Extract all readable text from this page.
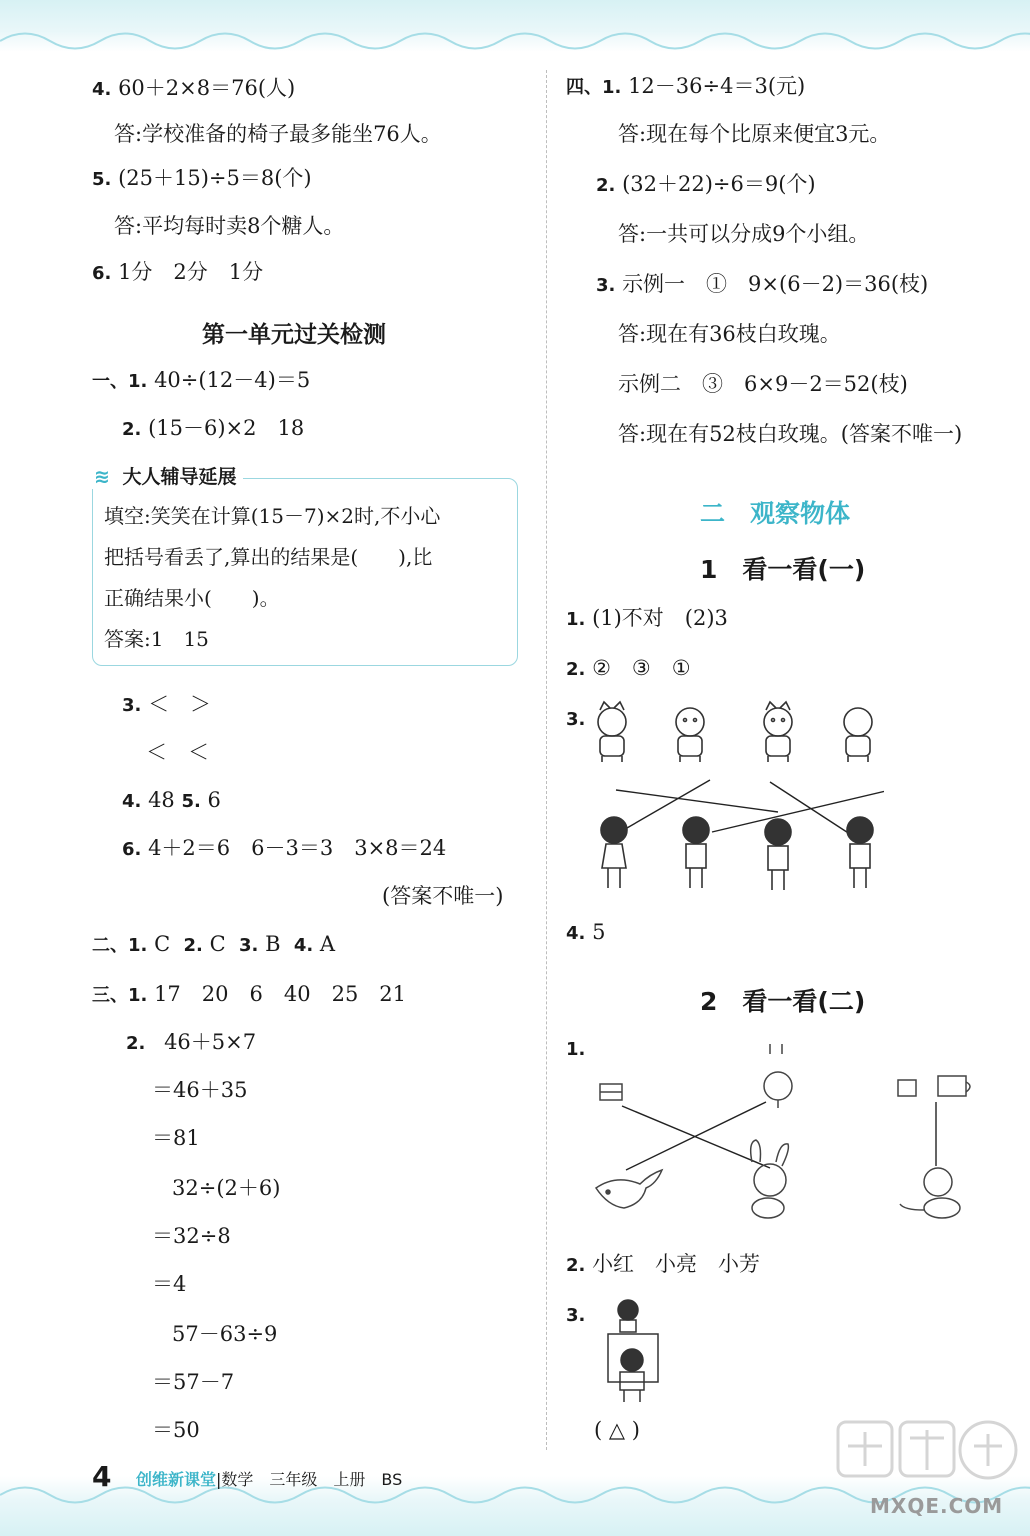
4. 60＋2×8＝76(人)
答:学校准备的椅子最多能坐76人。
5. (25＋15)÷5＝8(个)
答:平均每时卖8个糖人。
6. 1分　2分　1分
第一单元过关检测
一、1. 40÷(12－4)＝5
2. (15－6)×2　18
≋ 大人辅导延展
填空:笑笑在计算(15－7)×2时,不小心
把括号看丢了,算出的结果是(　　),比
正确结果小(　　)。
答案:1　15
3. ＜　＞
＜　＜
4. 48 5. 6
6. 4＋2＝6　6－3＝3　3×8＝24
(答案不唯一)
二、1. C 2. C 3. B 4. A
三、1. 17　20　6　40　25　21
2. 46＋5×7
＝46＋35
＝81
32÷(2＋6)
＝32÷8
＝4
57－63÷9
＝57－7
＝50
四、1. 12－36÷4＝3(元)
答:现在每个比原来便宜3元。
2. (32＋22)÷6＝9(个)
答:一共可以分成9个小组。
3. 示例一　①　9×(6－2)＝36(枝)
答:现在有36枝白玫瑰。
示例二　③　6×9－2＝52(枝)
答:现在有52枝白玫瑰。(答案不唯一)
二　观察物体
1　看一看(一)
1. (1)不对　(2)3
2. ②　③　①
3.
4. 5
2　看一看(二)
1.
2. 小红　小亮　小芳
3.
( △ )
4 创维新课堂|数学　三年级　上册　BS
MXQE.COM
